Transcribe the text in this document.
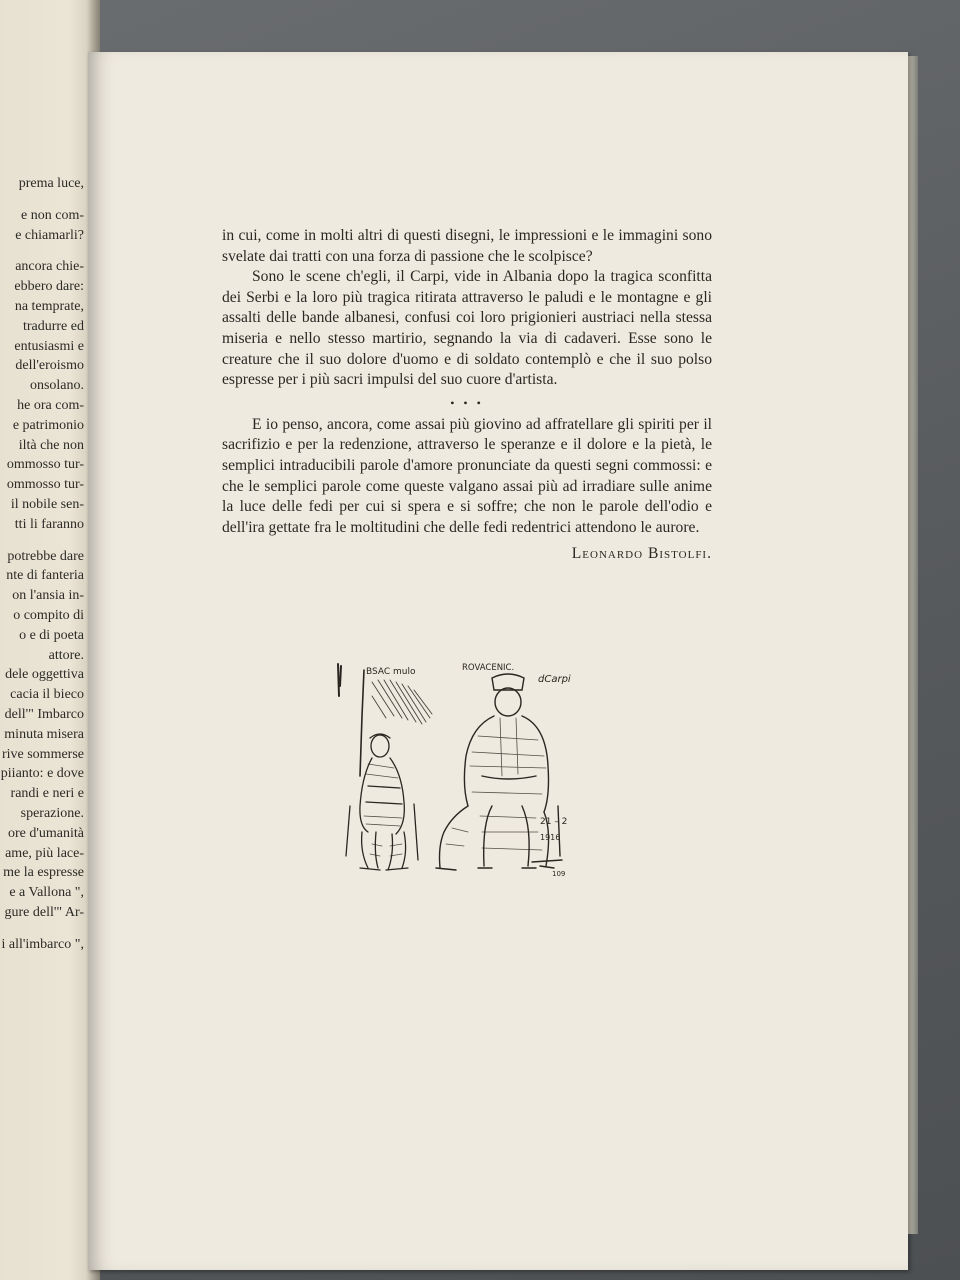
prema luce,
e non com-
e chiamarli?
ancora chie-
ebbero dare:
na temprate,
tradurre ed
entusiasmi e
dell'eroismo
onsolano.
he ora com-
e patrimonio
iltà che non
ommosso tur-
ommosso tur-
il nobile sen-
tti li faranno
potrebbe dare
nte di fanteria
on l'ansia in-
o compito di
o e di poeta
attore.
dele oggettiva
cacia il bieco
dell'" Imbarco
minuta misera
rive sommerse
piianto: e dove
randi e neri e
sperazione.
ore d'umanità
ame, più lace-
me la espresse
e a Vallona ",
gure dell'" Ar-
i all'imbarco ",

in cui, come in molti altri di questi disegni, le impressioni e le immagini sono svelate dai tratti con una forza di passione che le scolpisce?

Sono le scene ch'egli, il Carpi, vide in Albania dopo la tragica sconfitta dei Serbi e la loro più tragica ritirata attraverso le paludi e le montagne e gli assalti delle bande albanesi, confusi coi loro prigionieri austriaci nella stessa miseria e nello stesso martirio, segnando la via di cadaveri. Esse sono le creature che il suo dolore d'uomo e di soldato contemplò e che il suo polso espresse per i più sacri impulsi del suo cuore d'artista.

• • •

E io penso, ancora, come assai più giovino ad affratellare gli spiriti per il sacrifizio e per la redenzione, attraverso le speranze e il dolore e la pietà, le semplici intraducibili parole d'amore pronunciate da questi segni commossi: e che le semplici parole come queste valgano assai più ad irradiare sulle anime la luce delle fedi per cui si spera e si soffre; che non le parole dell'odio e dell'ira gettate fra le moltitudini che delle fedi redentrici attendono le aurore.

Leonardo Bistolfi.
BSAC mulo	ROVACENIC.
dCarpi
21 – 2
1916
109
